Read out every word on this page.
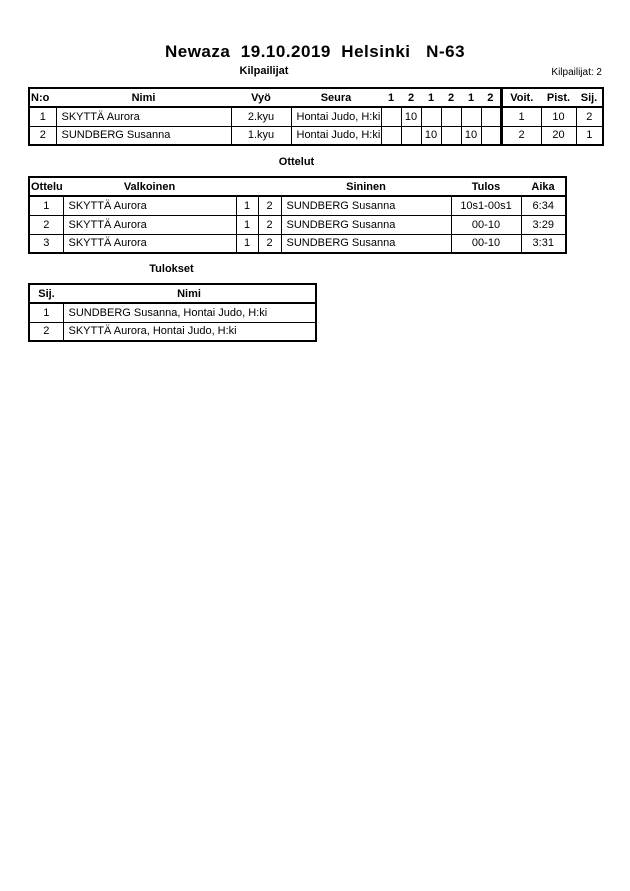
Newaza  19.10.2019  Helsinki   N-63
Kilpailijat	Kilpailijat: 2
N:o	Nimi	Vyö	Seura	1	2	1	2	1	2	Voit.	Pist.	Sij.
1	SKYTTÄ Aurora	2.kyu	Hontai Judo, H:ki		10					1	10	2
2	SUNDBERG Susanna	1.kyu	Hontai Judo, H:ki			10		10		2	20	1
Ottelut
Ottelu	Valkoinen			Sininen	Tulos	Aika
1	SKYTTÄ Aurora	1	2	SUNDBERG Susanna	10s1-00s1	6:34
2	SKYTTÄ Aurora	1	2	SUNDBERG Susanna	00-10	3:29
3	SKYTTÄ Aurora	1	2	SUNDBERG Susanna	00-10	3:31
Tulokset
Sij.	Nimi
1	SUNDBERG Susanna, Hontai Judo, H:ki
2	SKYTTÄ Aurora, Hontai Judo, H:ki
